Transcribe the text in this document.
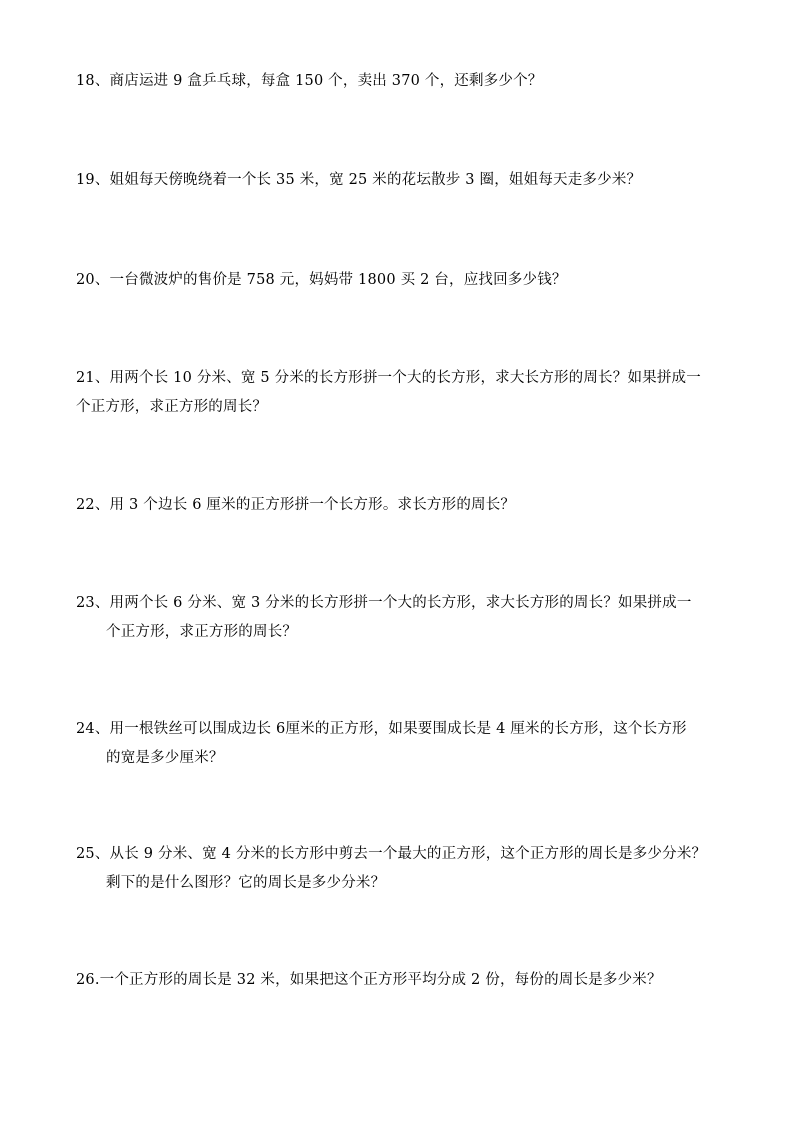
18、商店运进 9 盒乒乓球，每盒 150 个，卖出 370 个，还剩多少个？
19、姐姐每天傍晚绕着一个长 35 米，宽 25 米的花坛散步 3 圈，姐姐每天走多少米？
20、一台微波炉的售价是 758 元，妈妈带 1800 买 2 台，应找回多少钱？
21、用两个长 10 分米、宽 5 分米的长方形拼一个大的长方形，求大长方形的周长？如果拼成一
个正方形，求正方形的周长？
22、用 3 个边长 6 厘米的正方形拼一个长方形。求长方形的周长？
23、用两个长 6 分米、宽 3 分米的长方形拼一个大的长方形，求大长方形的周长？如果拼成一
个正方形，求正方形的周长？
24、用一根铁丝可以围成边长 6厘米的正方形，如果要围成长是 4 厘米的长方形，这个长方形
的宽是多少厘米？
25、从长 9 分米、宽 4 分米的长方形中剪去一个最大的正方形，这个正方形的周长是多少分米？
剩下的是什么图形？它的周长是多少分米？
26.一个正方形的周长是 32 米，如果把这个正方形平均分成 2 份，每份的周长是多少米？
